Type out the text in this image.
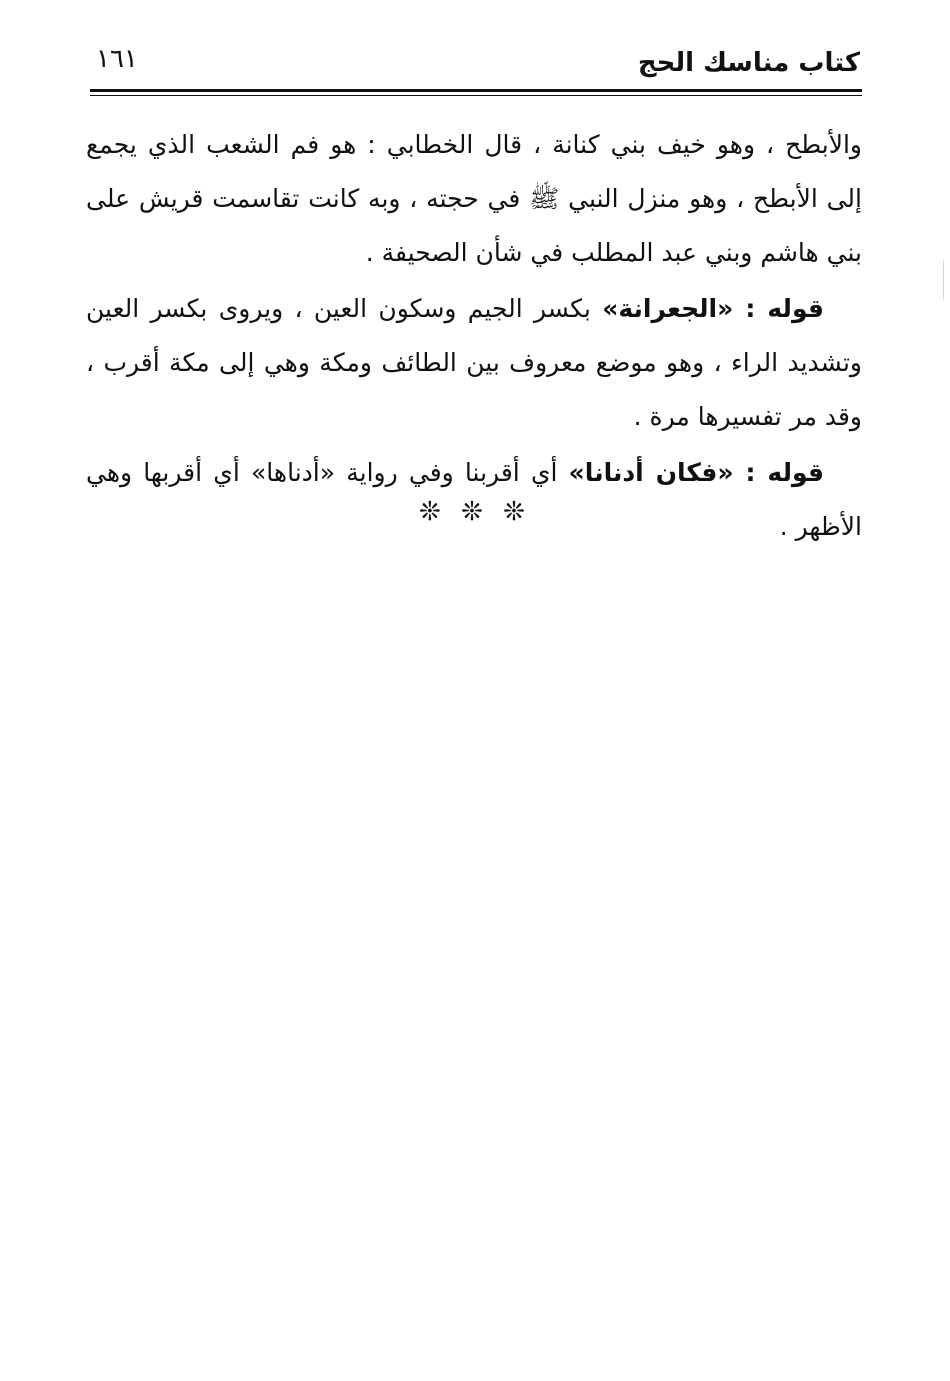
كتاب مناسك الحج
١٦١

والأبطح ، وهو خيف بني كنانة ، قال الخطابي : هو فم الشعب الذي يجمع إلى الأبطح ، وهو منزل النبي ﷺ في حجته ، وبه كانت تقاسمت قريش على بني هاشم وبني عبد المطلب في شأن الصحيفة .

قوله : «الجعرانة» بكسر الجيم وسكون العين ، ويروى بكسر العين وتشديد الراء ، وهو موضع معروف بين الطائف ومكة وهي إلى مكة أقرب ، وقد مر تفسيرها مرة .

قوله : «فكان أدنانا» أي أقربنا وفي رواية «أدناها» أي أقربها وهي الأظهر .

❊ ❊ ❊
